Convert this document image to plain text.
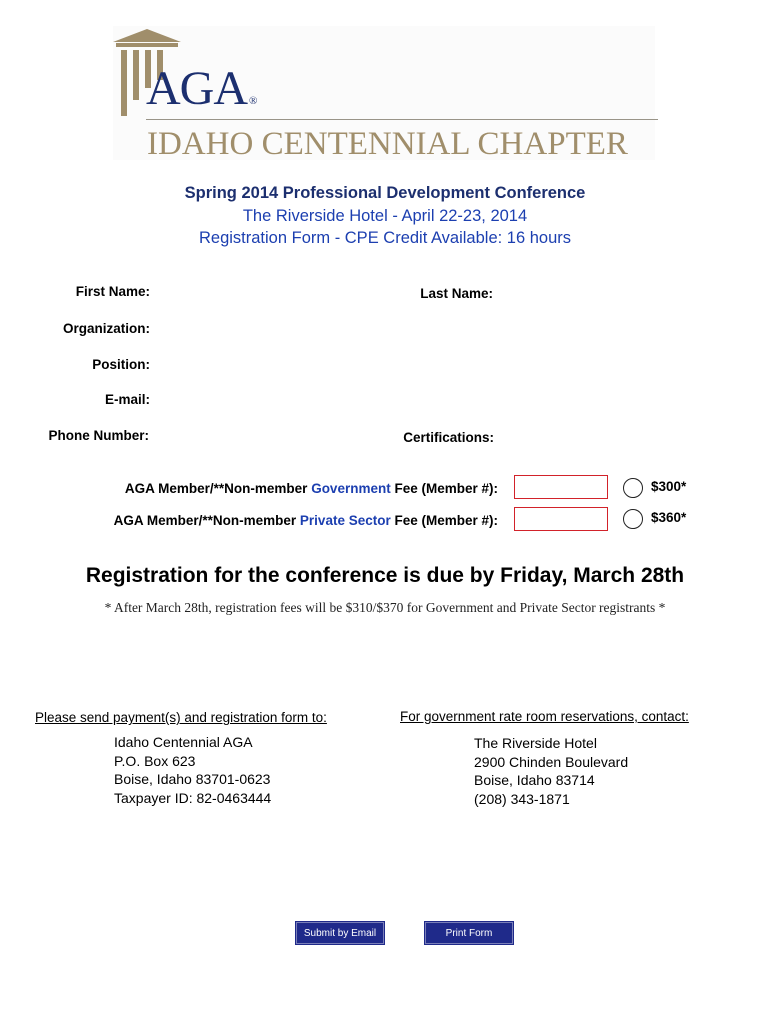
AGA ®
IDAHO CENTENNIAL CHAPTER
Spring 2014 Professional Development Conference
The Riverside Hotel - April 22-23, 2014
Registration Form - CPE Credit Available: 16 hours
First Name:	Last Name:
Organization:
Position:
E-mail:
Phone Number:	Certifications:
AGA Member/**Non-member Government Fee (Member #):	$300*
AGA Member/**Non-member Private Sector Fee (Member #):	$360*
Registration for the conference is due by Friday, March 28th
* After March 28th, registration fees will be $310/$370 for Government and Private Sector registrants *
Please send payment(s) and registration form to:
Idaho Centennial AGA
P.O. Box 623
Boise, Idaho 83701-0623
Taxpayer ID: 82-0463444
For government rate room reservations, contact:
The Riverside Hotel
2900 Chinden Boulevard
Boise, Idaho 83714
(208) 343-1871
Submit by Email	Print Form
